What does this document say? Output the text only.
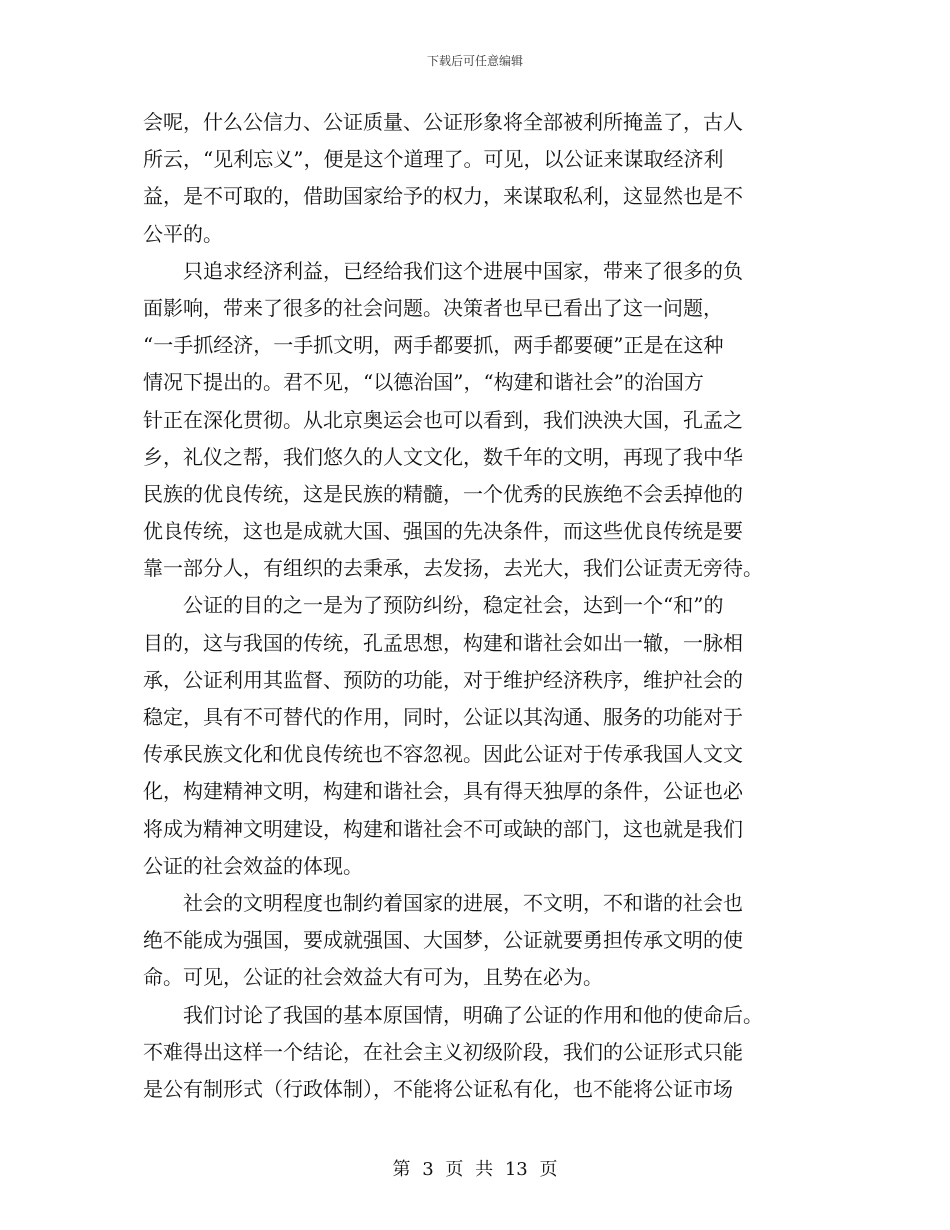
下载后可任意编辑
会呢，什么公信力、公证质量、公证形象将全部被利所掩盖了，古人
所云，“见利忘义”，便是这个道理了。可见，以公证来谋取经济利
益，是不可取的，借助国家给予的权力，来谋取私利，这显然也是不
公平的。
　　只追求经济利益，已经给我们这个进展中国家，带来了很多的负
面影响，带来了很多的社会问题。决策者也早已看出了这一问题，
“一手抓经济，一手抓文明，两手都要抓，两手都要硬”正是在这种
情况下提出的。君不见，“以德治国”，“构建和谐社会”的治国方
针正在深化贯彻。从北京奥运会也可以看到，我们泱泱大国，孔孟之
乡，礼仪之帮，我们悠久的人文文化，数千年的文明，再现了我中华
民族的优良传统，这是民族的精髓，一个优秀的民族绝不会丢掉他的
优良传统，这也是成就大国、强国的先决条件，而这些优良传统是要
靠一部分人，有组织的去秉承，去发扬，去光大，我们公证责无旁待。
　　公证的目的之一是为了预防纠纷，稳定社会，达到一个“和”的
目的，这与我国的传统，孔孟思想，构建和谐社会如出一辙，一脉相
承，公证利用其监督、预防的功能，对于维护经济秩序，维护社会的
稳定，具有不可替代的作用，同时，公证以其沟通、服务的功能对于
传承民族文化和优良传统也不容忽视。因此公证对于传承我国人文文
化，构建精神文明，构建和谐社会，具有得天独厚的条件，公证也必
将成为精神文明建设，构建和谐社会不可或缺的部门，这也就是我们
公证的社会效益的体现。
　　社会的文明程度也制约着国家的进展，不文明，不和谐的社会也
绝不能成为强国，要成就强国、大国梦，公证就要勇担传承文明的使
命。可见，公证的社会效益大有可为，且势在必为。
　　我们讨论了我国的基本原国情，明确了公证的作用和他的使命后。
不难得出这样一个结论，在社会主义初级阶段，我们的公证形式只能
是公有制形式（行政体制），不能将公证私有化，也不能将公证市场
第 3 页 共 13 页
